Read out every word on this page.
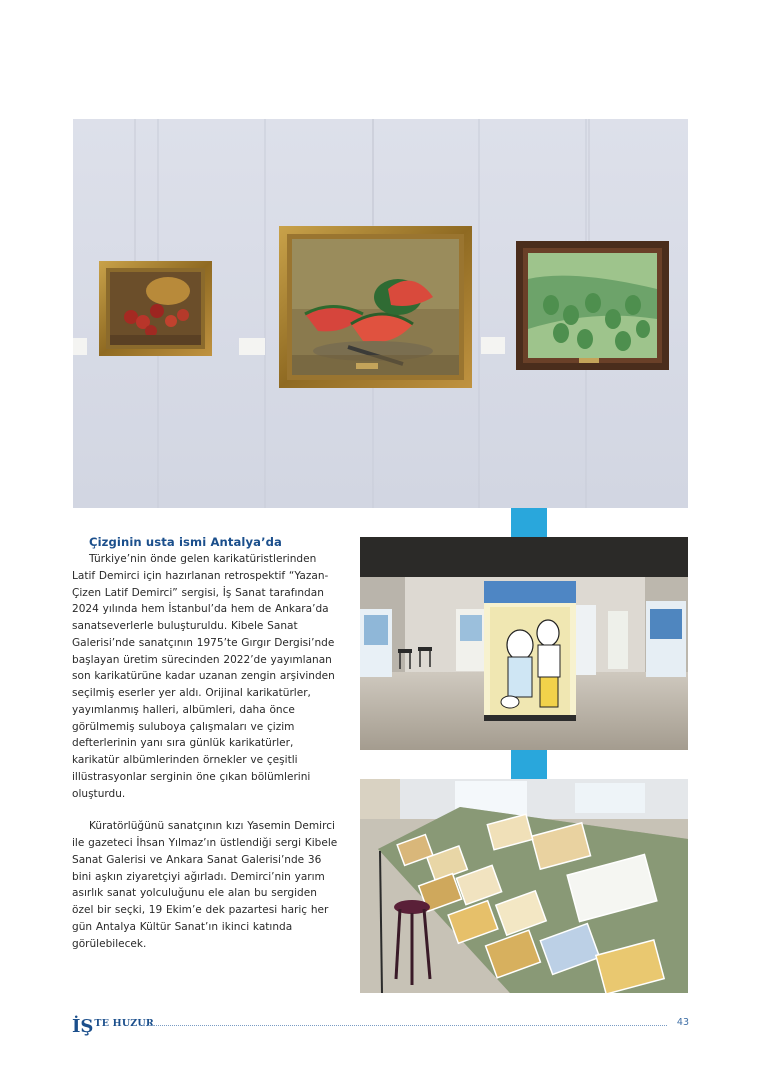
Çizginin usta ismi Antalya’da

Türkiye’nin önde gelen karikatüristlerinden Latif Demirci için hazırlanan retrospektif “Yazan-Çizen Latif Demirci” sergisi, İş Sanat tarafından 2024 yılında hem İstanbul’da hem de Ankara’da sanatseverlerle buluşturuldu. Kibele Sanat Galerisi’nde sanatçının 1975’te Gırgır Dergisi’nde başlayan üretim sürecinden 2022’de yayımlanan son karikatürüne kadar uzanan zengin arşivinden seçilmiş eserler yer aldı. Orijinal karikatürler, yayımlanmış halleri, albümleri, daha önce görülmemiş suluboya çalışmaları ve çizim defterlerinin yanı sıra günlük karikatürler, karikatür albümlerinden örnekler ve çeşitli illüstrasyonlar serginin öne çıkan bölümlerini oluşturdu.

Küratörlüğünü sanatçının kızı Yasemin Demirci ile gazeteci İhsan Yılmaz’ın üstlendiği sergi Kibele Sanat Galerisi ve Ankara Sanat Galerisi’nde 36 bini aşkın ziyaretçiyi ağırladı. Demirci’nin yarım asırlık sanat yolculuğunu ele alan bu sergiden özel bir seçki, 19 Ekim’e dek pazartesi hariç her gün Antalya Kültür Sanat’ın ikinci katında görülebilecek.

İŞ TE HUZUR	43
